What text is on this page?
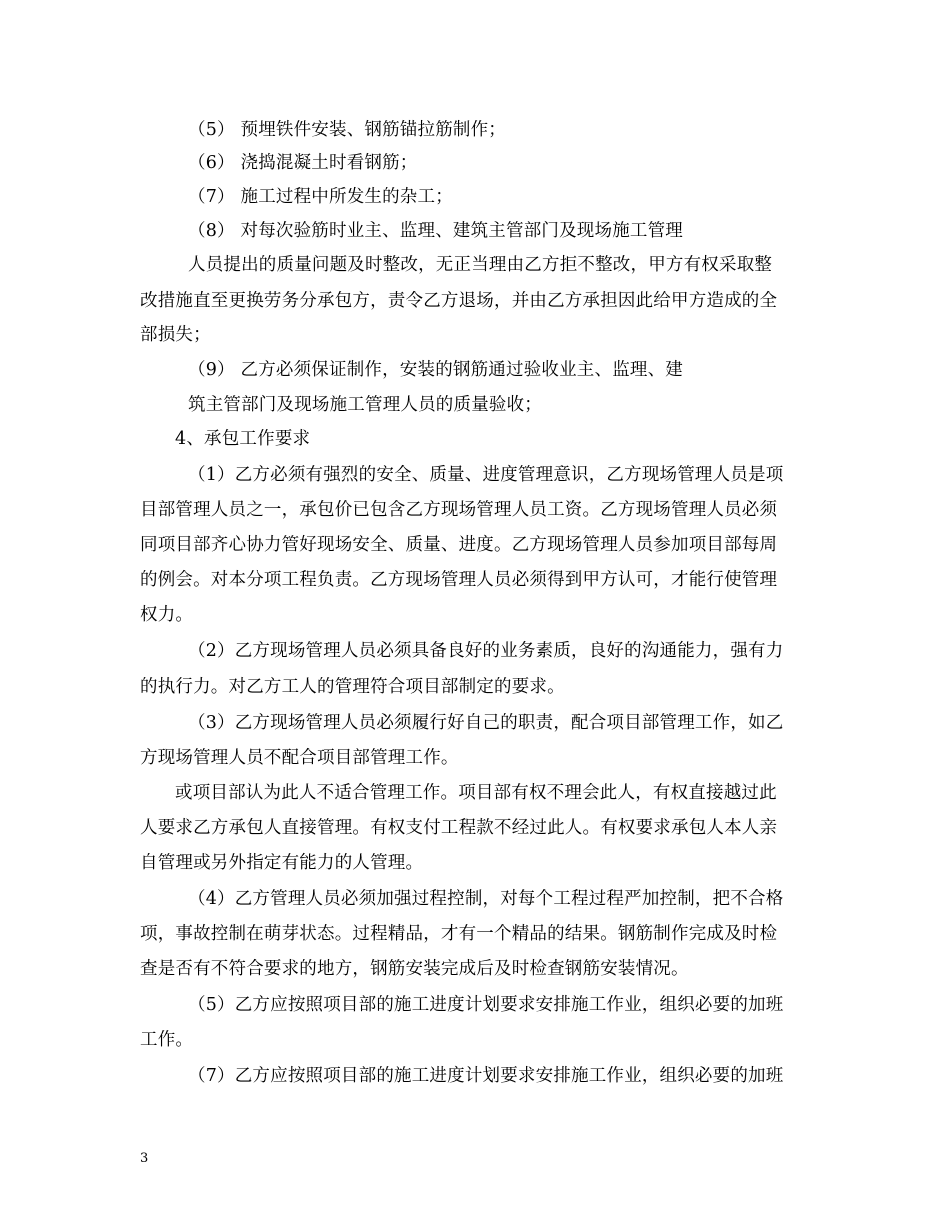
（5） 预埋铁件安装、钢筋锚拉筋制作；
（6） 浇捣混凝土时看钢筋；
（7） 施工过程中所发生的杂工；
（8） 对每次验筋时业主、监理、建筑主管部门及现场施工管理
人员提出的质量问题及时整改，无正当理由乙方拒不整改，甲方有权采取整
改措施直至更换劳务分承包方，责令乙方退场，并由乙方承担因此给甲方造成的全
部损失；
（9） 乙方必须保证制作，安装的钢筋通过验收业主、监理、建
筑主管部门及现场施工管理人员的质量验收；
4、承包工作要求
（1）乙方必须有强烈的安全、质量、进度管理意识，乙方现场管理人员是项
目部管理人员之一，承包价已包含乙方现场管理人员工资。乙方现场管理人员必须
同项目部齐心协力管好现场安全、质量、进度。乙方现场管理人员参加项目部每周
的例会。对本分项工程负责。乙方现场管理人员必须得到甲方认可，才能行使管理
权力。
（2）乙方现场管理人员必须具备良好的业务素质，良好的沟通能力，强有力
的执行力。对乙方工人的管理符合项目部制定的要求。
（3）乙方现场管理人员必须履行好自己的职责，配合项目部管理工作，如乙
方现场管理人员不配合项目部管理工作。
或项目部认为此人不适合管理工作。项目部有权不理会此人，有权直接越过此
人要求乙方承包人直接管理。有权支付工程款不经过此人。有权要求承包人本人亲
自管理或另外指定有能力的人管理。
（4）乙方管理人员必须加强过程控制，对每个工程过程严加控制，把不合格
项，事故控制在萌芽状态。过程精品，才有一个精品的结果。钢筋制作完成及时检
查是否有不符合要求的地方，钢筋安装完成后及时检查钢筋安装情况。
（5）乙方应按照项目部的施工进度计划要求安排施工作业，组织必要的加班
工作。
（7）乙方应按照项目部的施工进度计划要求安排施工作业，组织必要的加班
3
